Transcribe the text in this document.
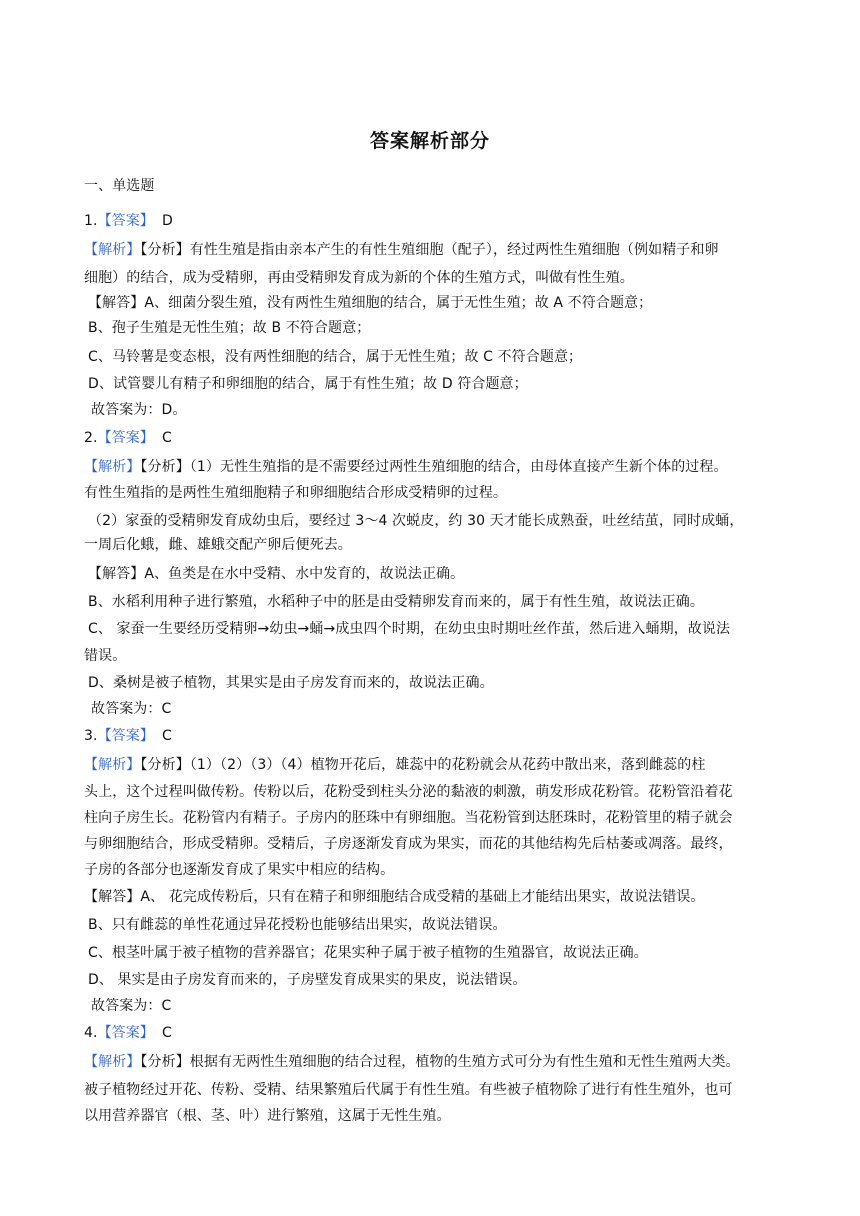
答案解析部分
一、单选题
1.【答案】 D
【解析】【分析】有性生殖是指由亲本产生的有性生殖细胞（配子），经过两性生殖细胞（例如精子和卵
细胞）的结合，成为受精卵，再由受精卵发育成为新的个体的生殖方式，叫做有性生殖。
【解答】A、细菌分裂生殖，没有两性生殖细胞的结合，属于无性生殖；故 A 不符合题意；
B、孢子生殖是无性生殖；故 B 不符合题意；
C、马铃薯是变态根，没有两性细胞的结合，属于无性生殖；故 C 不符合题意；
D、试管婴儿有精子和卵细胞的结合，属于有性生殖；故 D 符合题意；
故答案为：D。
2.【答案】 C
【解析】【分析】（1）无性生殖指的是不需要经过两性生殖细胞的结合，由母体直接产生新个体的过程。
有性生殖指的是两性生殖细胞精子和卵细胞结合形成受精卵的过程。
（2）家蚕的受精卵发育成幼虫后，要经过 3～4 次蜕皮，约 30 天才能长成熟蚕，吐丝结茧，同时成蛹，
一周后化蛾，雌、雄蛾交配产卵后便死去。
【解答】A、鱼类是在水中受精、水中发育的，故说法正确。
B、水稻利用种子进行繁殖，水稻种子中的胚是由受精卵发育而来的，属于有性生殖，故说法正确。
C、 家蚕一生要经历受精卵→幼虫→蛹→成虫四个时期，在幼虫虫时期吐丝作茧，然后进入蛹期，故说法
错误。
D、桑树是被子植物，其果实是由子房发育而来的，故说法正确。
故答案为：C
3.【答案】 C
【解析】【分析】（1）（2）（3）（4）植物开花后，雄蕊中的花粉就会从花药中散出来，落到雌蕊的柱
头上，这个过程叫做传粉。传粉以后，花粉受到柱头分泌的黏液的刺激，萌发形成花粉管。花粉管沿着花
柱向子房生长。花粉管内有精子。子房内的胚珠中有卵细胞。当花粉管到达胚珠时，花粉管里的精子就会
与卵细胞结合，形成受精卵。受精后，子房逐渐发育成为果实，而花的其他结构先后枯萎或凋落。最终，
子房的各部分也逐渐发育成了果实中相应的结构。
【解答】A、 花完成传粉后，只有在精子和卵细胞结合成受精的基础上才能结出果实，故说法错误。
B、只有雌蕊的单性花通过异花授粉也能够结出果实，故说法错误。
C、根茎叶属于被子植物的营养器官；花果实种子属于被子植物的生殖器官，故说法正确。
D、 果实是由子房发育而来的，子房壁发育成果实的果皮，说法错误。
故答案为：C
4.【答案】 C
【解析】【分析】根据有无两性生殖细胞的结合过程，植物的生殖方式可分为有性生殖和无性生殖两大类。
被子植物经过开花、传粉、受精、结果繁殖后代属于有性生殖。有些被子植物除了进行有性生殖外，也可
以用营养器官（根、茎、叶）进行繁殖，这属于无性生殖。
